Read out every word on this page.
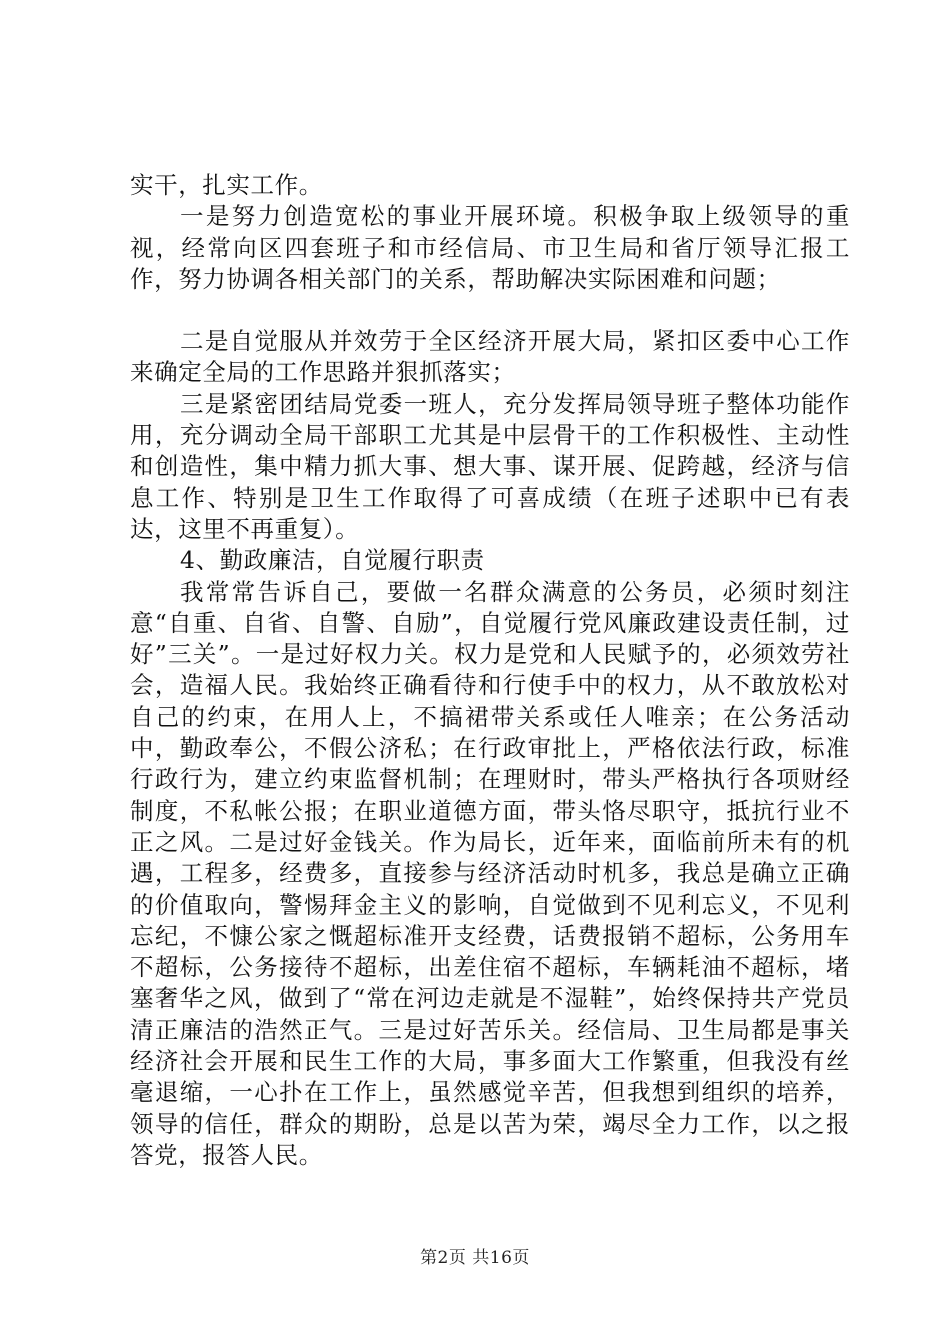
实干，扎实工作。

一是努力创造宽松的事业开展环境。积极争取上级领导的重视，经常向区四套班子和市经信局、市卫生局和省厅领导汇报工作，努力协调各相关部门的关系，帮助解决实际困难和问题；

二是自觉服从并效劳于全区经济开展大局，紧扣区委中心工作来确定全局的工作思路并狠抓落实；

三是紧密团结局党委一班人，充分发挥局领导班子整体功能作用，充分调动全局干部职工尤其是中层骨干的工作积极性、主动性和创造性，集中精力抓大事、想大事、谋开展、促跨越，经济与信息工作、特别是卫生工作取得了可喜成绩（在班子述职中已有表达，这里不再重复）。

4、勤政廉洁，自觉履行职责

我常常告诉自己，要做一名群众满意的公务员，必须时刻注意“自重、自省、自警、自励”，自觉履行党风廉政建设责任制，过好”三关”。一是过好权力关。权力是党和人民赋予的，必须效劳社会，造福人民。我始终正确看待和行使手中的权力，从不敢放松对自己的约束，在用人上，不搞裙带关系或任人唯亲；在公务活动中，勤政奉公，不假公济私；在行政审批上，严格依法行政，标准行政行为，建立约束监督机制；在理财时，带头严格执行各项财经制度，不私帐公报；在职业道德方面，带头恪尽职守，抵抗行业不正之风。二是过好金钱关。作为局长，近年来，面临前所未有的机遇，工程多，经费多，直接参与经济活动时机多，我总是确立正确的价值取向，警惕拜金主义的影响，自觉做到不见利忘义，不见利忘纪，不慷公家之慨超标准开支经费，话费报销不超标，公务用车不超标，公务接待不超标，出差住宿不超标，车辆耗油不超标，堵塞奢华之风，做到了“常在河边走就是不湿鞋”，始终保持共产党员清正廉洁的浩然正气。三是过好苦乐关。经信局、卫生局都是事关经济社会开展和民生工作的大局，事多面大工作繁重，但我没有丝毫退缩，一心扑在工作上，虽然感觉辛苦，但我想到组织的培养，领导的信任，群众的期盼，总是以苦为荣，竭尽全力工作，以之报答党，报答人民。

第2页 共16页
